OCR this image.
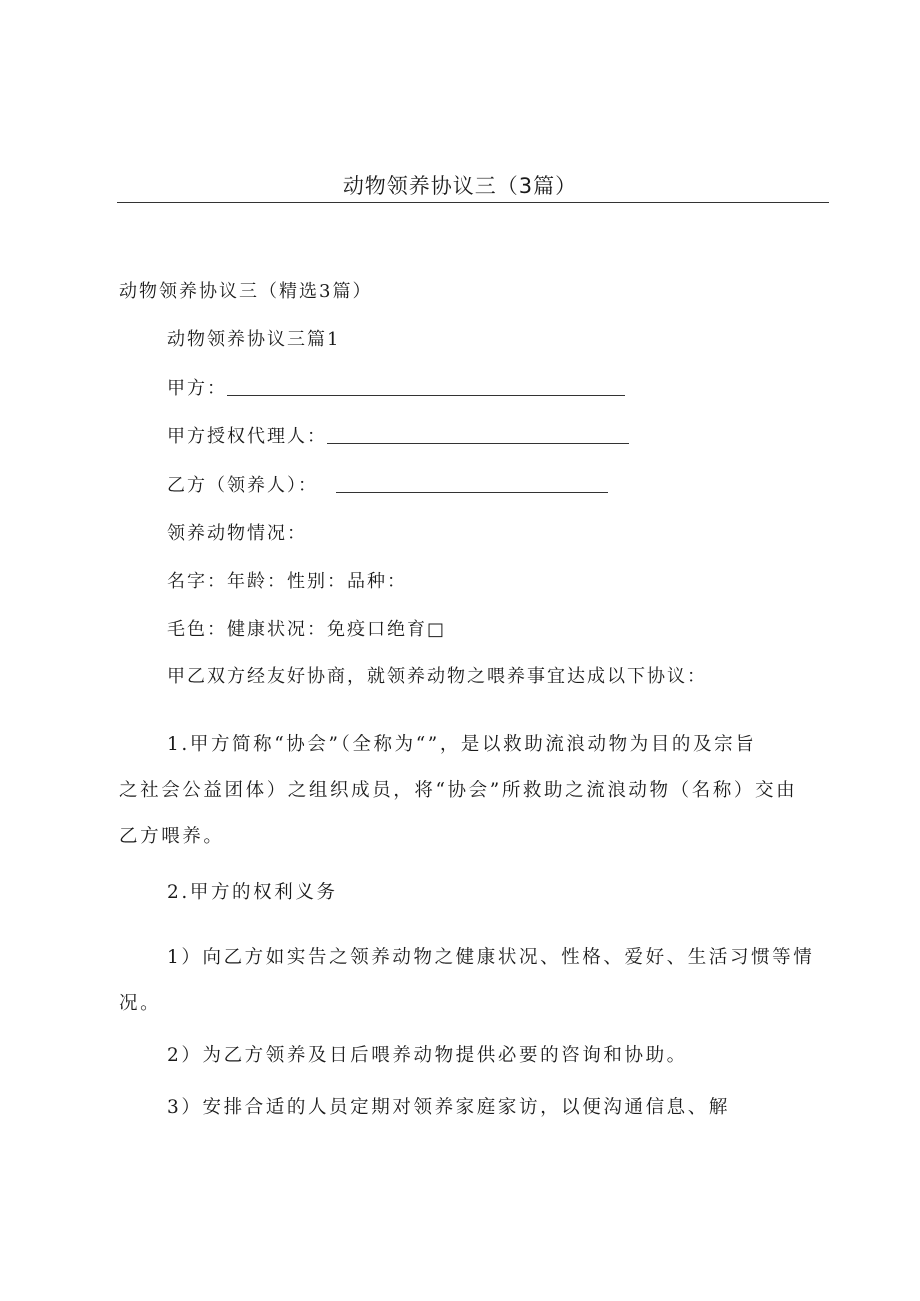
动物领养协议三（3篇）
动物领养协议三（精选3篇）
动物领养协议三篇1
甲方：
甲方授权代理人：
乙方（领养人）：
领养动物情况：
名字：年龄：性别：品种：
毛色：健康状况：免疫口绝育□
甲乙双方经友好协商，就领养动物之喂养事宜达成以下协议：
1.甲方简称“协会”（全称为“”，是以救助流浪动物为目的及宗旨
之社会公益团体）之组织成员，将“协会”所救助之流浪动物（名称）交由
乙方喂养。
2.甲方的权利义务
1）向乙方如实告之领养动物之健康状况、性格、爱好、生活习惯等情
况。
2）为乙方领养及日后喂养动物提供必要的咨询和协助。
3）安排合适的人员定期对领养家庭家访，以便沟通信息、解
